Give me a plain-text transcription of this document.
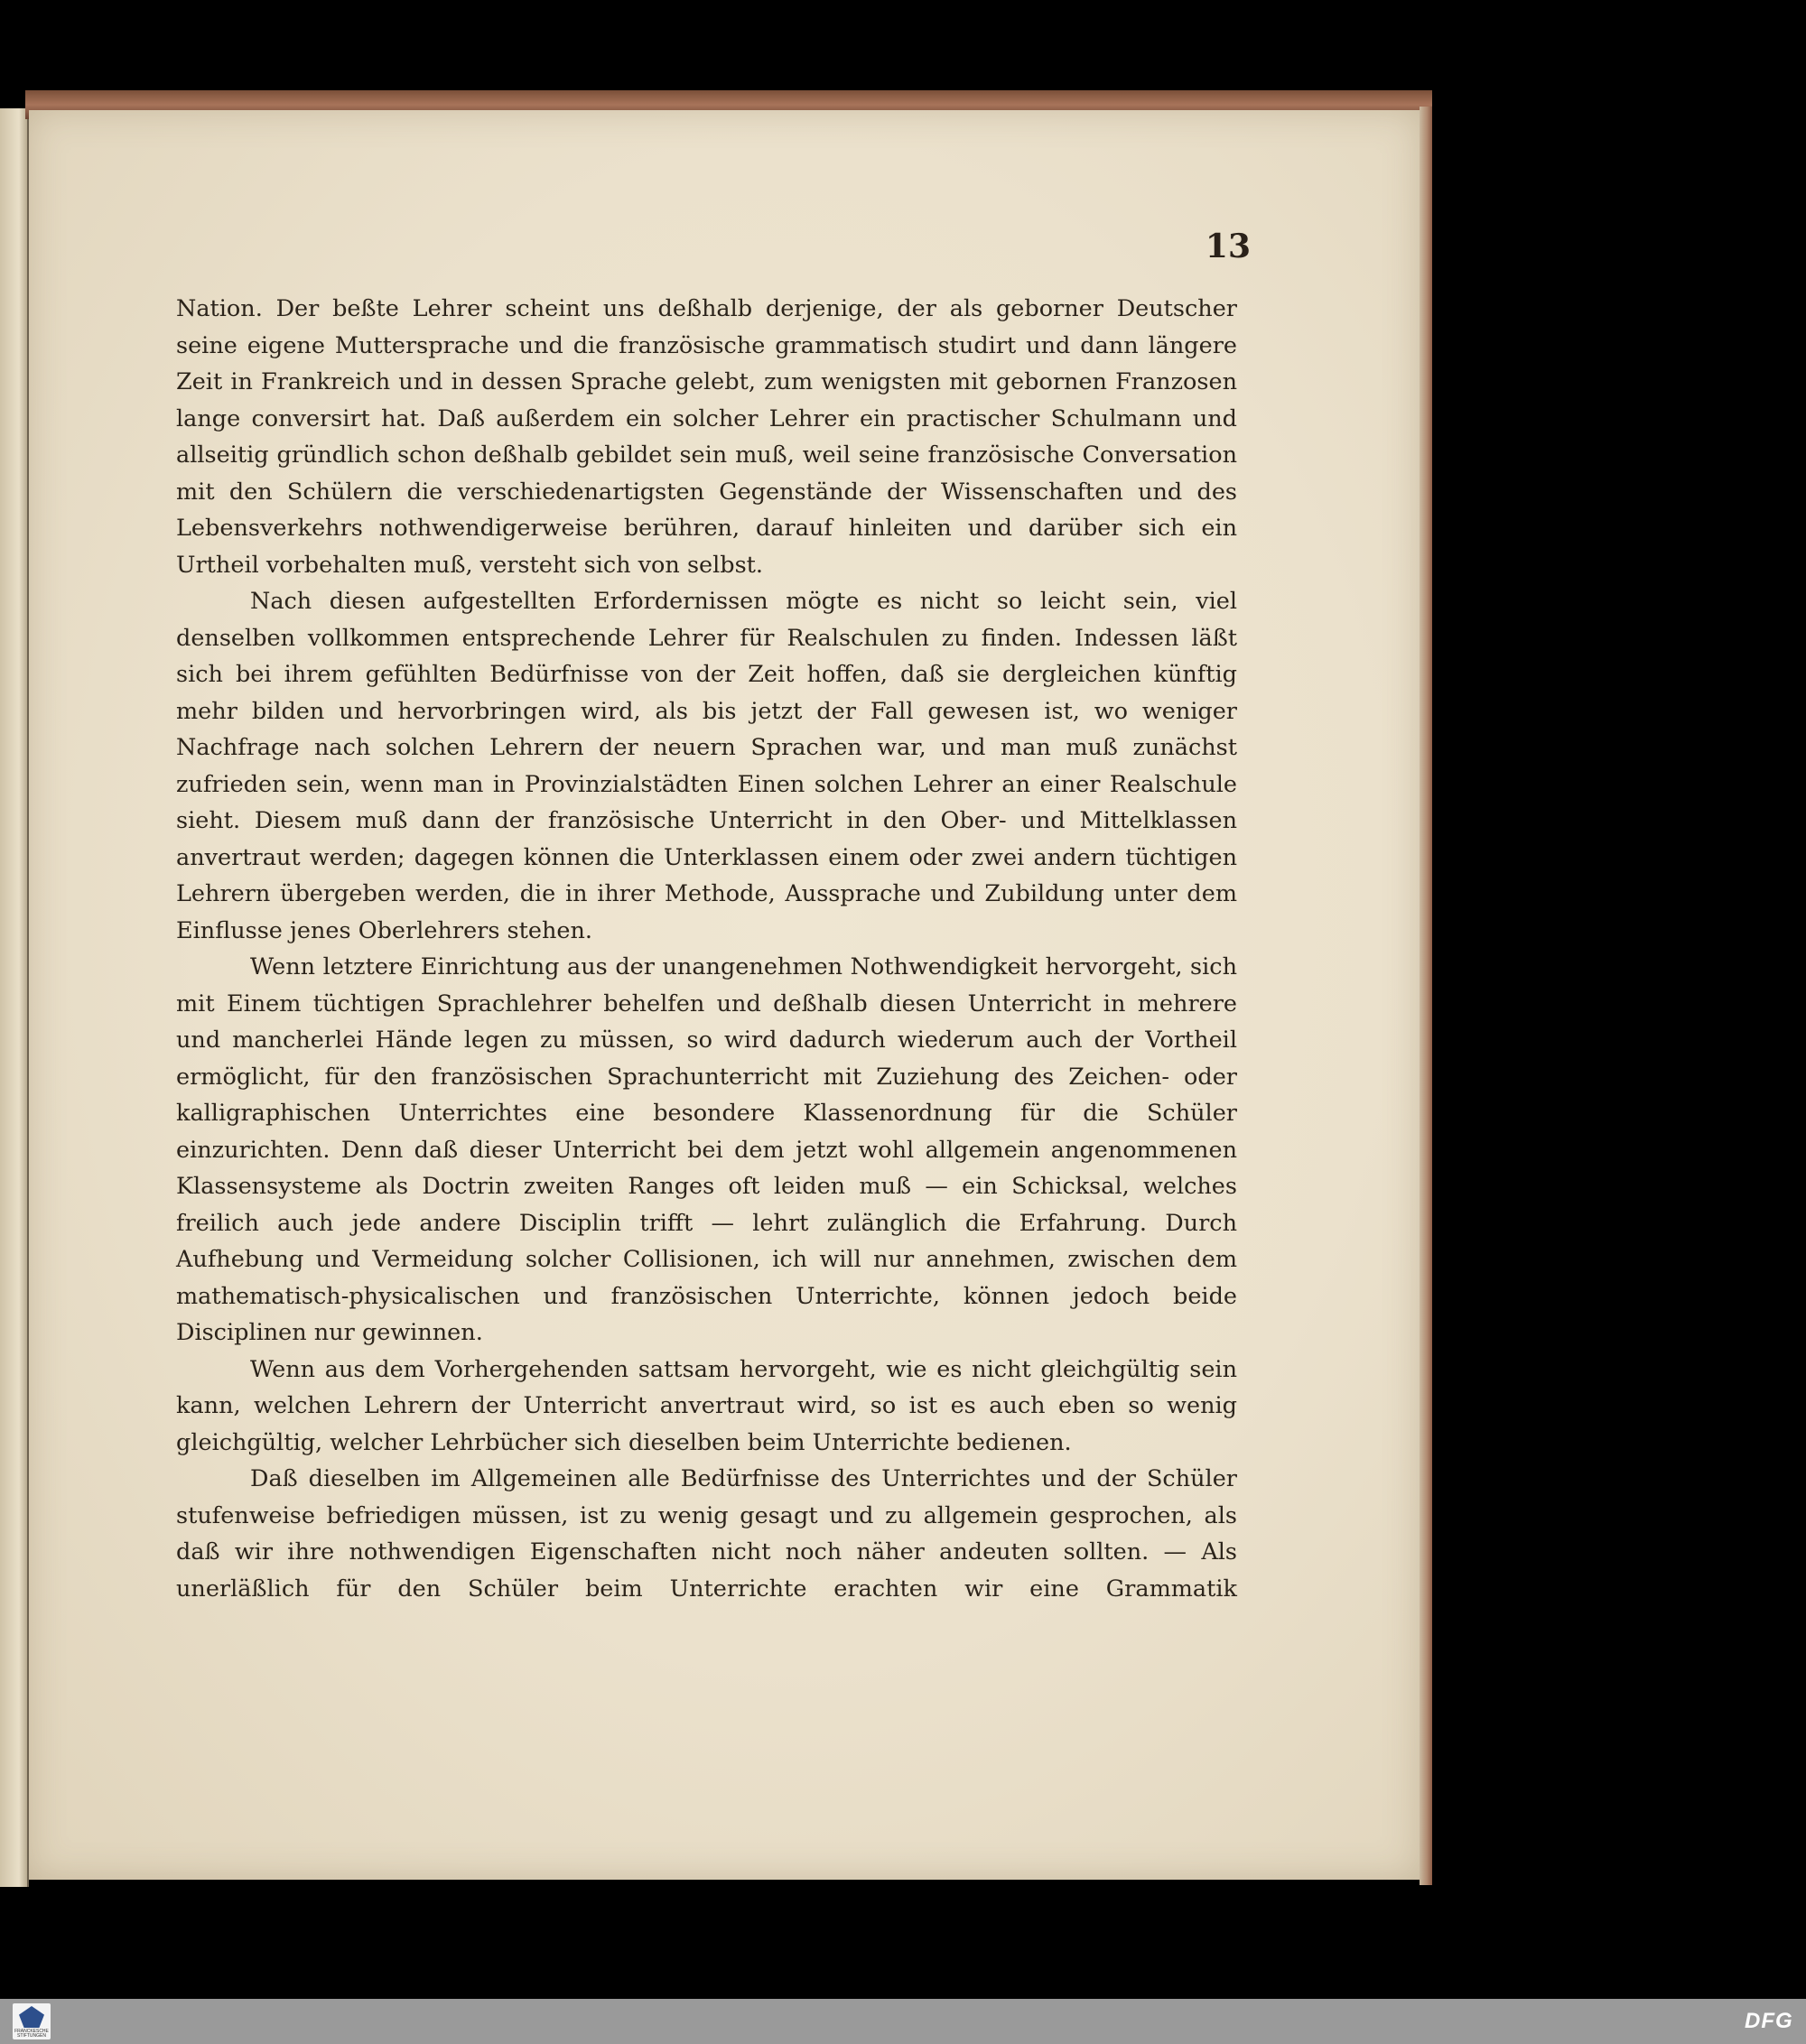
13

Nation. Der beßte Lehrer scheint uns deßhalb derjenige, der als geborner Deutscher seine eigene Muttersprache und die französische grammatisch studirt und dann längere Zeit in Frankreich und in dessen Sprache gelebt, zum wenigsten mit gebornen Franzosen lange conversirt hat. Daß außerdem ein solcher Lehrer ein practischer Schulmann und allseitig gründlich schon deßhalb gebildet sein muß, weil seine französische Conversation mit den Schülern die verschiedenartigsten Gegenstände der Wissenschaften und des Lebensverkehrs nothwendigerweise berühren, darauf hinleiten und darüber sich ein Urtheil vorbehalten muß, versteht sich von selbst.

Nach diesen aufgestellten Erfordernissen mögte es nicht so leicht sein, viel denselben vollkommen entsprechende Lehrer für Realschulen zu finden. Indessen läßt sich bei ihrem gefühlten Bedürfnisse von der Zeit hoffen, daß sie dergleichen künftig mehr bilden und hervorbringen wird, als bis jetzt der Fall gewesen ist, wo weniger Nachfrage nach solchen Lehrern der neuern Sprachen war, und man muß zunächst zufrieden sein, wenn man in Provinzialstädten Einen solchen Lehrer an einer Realschule sieht. Diesem muß dann der französische Unterricht in den Ober- und Mittelklassen anvertraut werden; dagegen können die Unterklassen einem oder zwei andern tüchtigen Lehrern übergeben werden, die in ihrer Methode, Aussprache und Zubildung unter dem Einflusse jenes Oberlehrers stehen.

Wenn letztere Einrichtung aus der unangenehmen Nothwendigkeit hervorgeht, sich mit Einem tüchtigen Sprachlehrer behelfen und deßhalb diesen Unterricht in mehrere und mancherlei Hände legen zu müssen, so wird dadurch wiederum auch der Vortheil ermöglicht, für den französischen Sprachunterricht mit Zuziehung des Zeichen- oder kalligraphischen Unterrichtes eine besondere Klassenordnung für die Schüler einzurichten. Denn daß dieser Unterricht bei dem jetzt wohl allgemein angenommenen Klassensysteme als Doctrin zweiten Ranges oft leiden muß — ein Schicksal, welches freilich auch jede andere Disciplin trifft — lehrt zulänglich die Erfahrung. Durch Aufhebung und Vermeidung solcher Collisionen, ich will nur annehmen, zwischen dem mathematisch-physicalischen und französischen Unterrichte, können jedoch beide Disciplinen nur gewinnen.

Wenn aus dem Vorhergehenden sattsam hervorgeht, wie es nicht gleichgültig sein kann, welchen Lehrern der Unterricht anvertraut wird, so ist es auch eben so wenig gleichgültig, welcher Lehrbücher sich dieselben beim Unterrichte bedienen.

Daß dieselben im Allgemeinen alle Bedürfnisse des Unterrichtes und der Schüler stufenweise befriedigen müssen, ist zu wenig gesagt und zu allgemein gesprochen, als daß wir ihre nothwendigen Eigenschaften nicht noch näher andeuten sollten. — Als unerläßlich für den Schüler beim Unterrichte erachten wir eine Grammatik

FRANCKESCHE STIFTUNGEN
DFG
